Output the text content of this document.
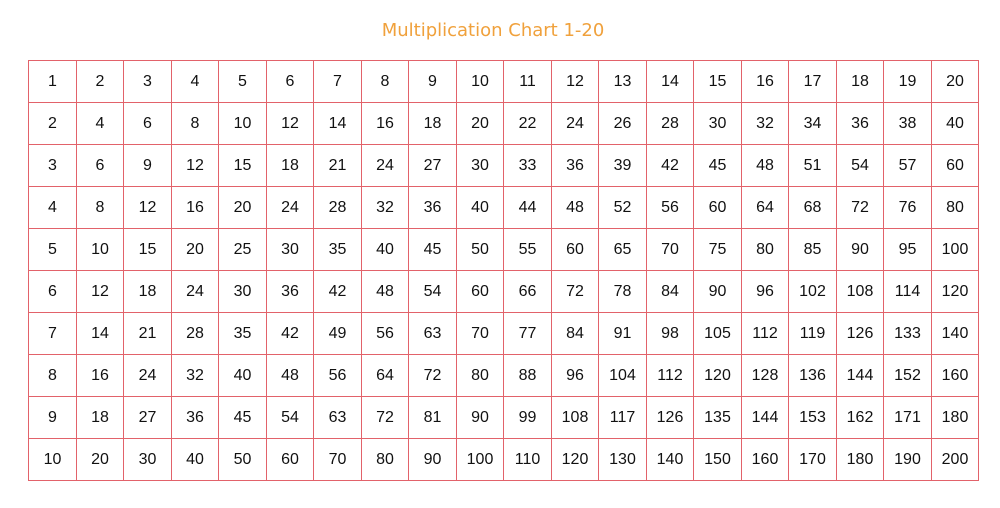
Multiplication Chart 1-20
1	2	3	4	5	6	7	8	9	10	11	12	13	14	15	16	17	18	19	20
2	4	6	8	10	12	14	16	18	20	22	24	26	28	30	32	34	36	38	40
3	6	9	12	15	18	21	24	27	30	33	36	39	42	45	48	51	54	57	60
4	8	12	16	20	24	28	32	36	40	44	48	52	56	60	64	68	72	76	80
5	10	15	20	25	30	35	40	45	50	55	60	65	70	75	80	85	90	95	100
6	12	18	24	30	36	42	48	54	60	66	72	78	84	90	96	102	108	114	120
7	14	21	28	35	42	49	56	63	70	77	84	91	98	105	112	119	126	133	140
8	16	24	32	40	48	56	64	72	80	88	96	104	112	120	128	136	144	152	160
9	18	27	36	45	54	63	72	81	90	99	108	117	126	135	144	153	162	171	180
10	20	30	40	50	60	70	80	90	100	110	120	130	140	150	160	170	180	190	200
